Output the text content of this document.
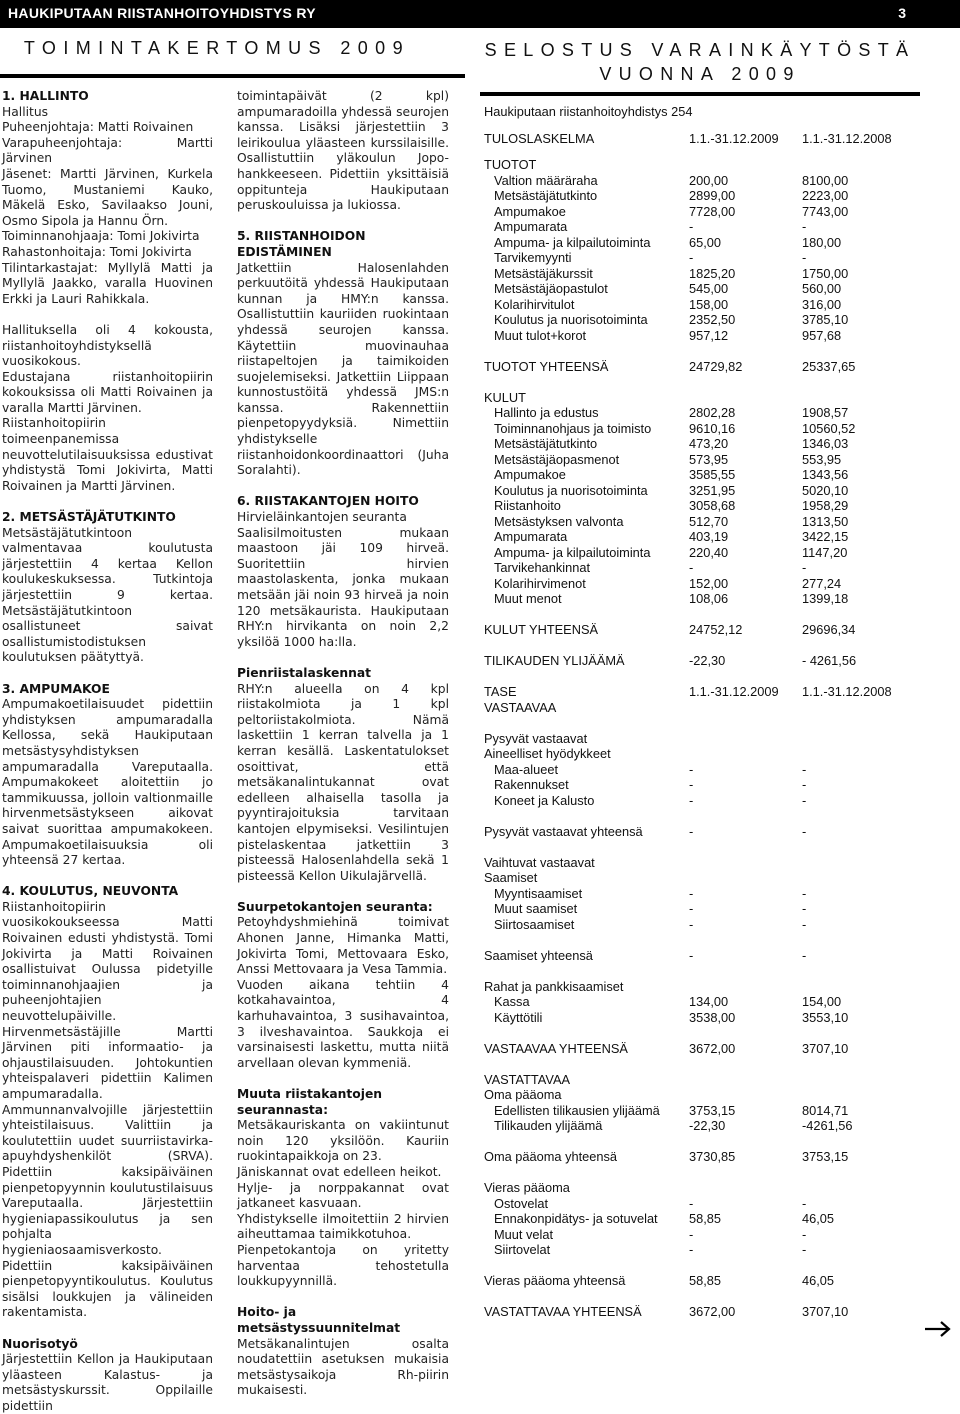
HAUKIPUTAAN RIISTANHOITOYHDISTYS RY	3
TOIMINTAKERTOMUS 2009
1. HALLINTO

Hallitus

Puheenjohtaja: Matti Roivainen

Varapuheenjohtaja: Martti Järvinen

Jäsenet: Martti Järvinen, Kurkela Tuomo, Mustaniemi Kauko, Mäkelä Esko, Savilaakso Jouni, Osmo Sipola ja Hannu Örn.

Toiminnanohjaaja: Tomi Jokivirta

Rahastonhoitaja: Tomi Jokivirta

Tilintarkastajat: Myllylä Matti ja Myllylä Jaakko, varalla Huovinen Erkki ja Lauri Rahikkala.

Hallituksella oli 4 kokousta, riistanhoitoyhdistyksellä vuosikokous.

Edustajana riistanhoitopiirin kokouksissa oli Matti Roivainen ja varalla Martti Järvinen.

Riistanhoitopiirin toimeenpanemissa neuvottelutilaisuuksissa edustivat yhdistystä Tomi Jokivirta, Matti Roivainen ja Martti Järvinen.

2. METSÄSTÄJÄTUTKINTO

Metsästäjätutkintoon valmentavaa koulutusta järjestettiin 4 kertaa Kellon koulukeskuksessa. Tutkintoja järjestettiin 9 kertaa. Metsästäjätutkintoon osallistuneet saivat osallistumistodistuksen koulutuksen päätyttyä.

3. AMPUMAKOE

Ampumakoetilaisuudet pidettiin yhdistyksen ampumaradalla Kellossa, sekä Haukiputaan metsästysyhdistyksen ampumaradalla Vareputaalla. Ampumakokeet aloitettiin jo tammikuussa, jolloin valtionmaille hirvenmetsästykseen aikovat saivat suorittaa ampumakokeen. Ampumakoetilaisuuksia oli yhteensä 27 kertaa.

4. KOULUTUS, NEUVONTA

Riistanhoitopiirin vuosikokoukseessa Matti Roivainen edusti yhdistystä. Tomi Jokivirta ja Matti Roivainen osallistuivat Oulussa pidetyille toiminnanohjaajien ja puheenjohtajien neuvottelupäiville. Hirvenmetsästäjille Martti Järvinen piti informaatio- ja ohjaustilaisuuden. Johtokuntien yhteispalaveri pidettiin Kalimen ampumaradalla. Ammunnanvalvojille järjestettiin yhteistilaisuus. Valittiin ja koulutettiin uudet suurriistavirka-apuyhdyshenkilöt (SRVA). Pidettiin kaksipäiväinen pienpetopyynnin koulutustilaisuus Vareputaalla. Järjestettiin hygieniapassikoulutus ja sen pohjalta hygieniaosaamisverkosto. Pidettiin kaksipäiväinen pienpetopyyntikoulutus. Koulutus sisälsi loukkujen ja välineiden rakentamista.

Nuorisotyö

Järjestettiin Kellon ja Haukiputaan yläasteen Kalastus- ja metsästyskurssit. Oppilaille pidettiin

toimintapäivät (2 kpl) ampumaradoilla yhdessä seurojen kanssa. Lisäksi järjestettiin 3 leirikoulua yläasteen kurssilaisille. Osallistuttiin yläkoulun Jopo-hankkeeseen. Pidettiin yksittäisiä oppitunteja Haukiputaan peruskouluissa ja lukiossa.

5. RIISTANHOIDON EDISTÄMINEN

Jatkettiin Halosenlahden perkuutöitä yhdessä Haukiputaan kunnan ja HMY:n kanssa. Osallistuttiin kauriiden ruokintaan yhdessä seurojen kanssa. Käytettiin muovinauhaa riistapeltojen ja taimikoiden suojelemiseksi. Jatkettiin Liippaan kunnostustöitä yhdessä JMS:n kanssa. Rakennettiin pienpetopyydyksiä. Nimettiin yhdistykselle riistanhoidonkoordinaattori (Juha Soralahti).

6. RIISTAKANTOJEN HOITO

Hirvieläinkantojen seuranta

Saalisilmoitusten mukaan maastoon jäi 109 hirveä. Suoritettiin hirvien maastolaskenta, jonka mukaan metsään jäi noin 93 hirveä ja noin 120 metsäkaurista. Haukiputaan RHY:n hirvikanta on noin 2,2 yksilöä 1000 ha:lla.

Pienriistalaskennat

RHY:n alueella on 4 kpl riistakolmiota ja 1 kpl peltoriistakolmiota. Nämä laskettiin 1 kerran talvella ja 1 kerran kesällä. Laskentatulokset osoittivat, että metsäkanalintukannat ovat edelleen alhaisella tasolla ja pyyntirajoituksia tarvitaan kantojen elpymiseksi. Vesilintujen pistelaskentaa jatkettiin 3 pisteessä Halosenlahdella sekä 1 pisteessä Kellon Uikulajärvellä.

Suurpetokantojen seuranta:

Petoyhdyshmiehinä toimivat Ahonen Janne, Himanka Matti, Jokivirta Tomi, Mettovaara Esko, Anssi Mettovaara ja Vesa Tammia.

Vuoden aikana tehtiin 4 kotkahavaintoa, 4 karhuhavaintoa, 3 susihavaintoa, 3 ilveshavaintoa. Saukkoja ei varsinaisesti laskettu, mutta niitä arvellaan olevan kymmeniä.

Muuta riistakantojen seurannasta:

Metsäkauriskanta on vakiintunut noin 120 yksilöön. Kauriin ruokintapaikkoja on 23.

Jäniskannat ovat edelleen heikot.

Hylje- ja norppakannat ovat jatkaneet kasvuaan.

Yhdistykselle ilmoitettiin 2 hirvien aiheuttamaa taimikkotuhoa.

Pienpetokantoja on yritetty harventaa tehostetulla loukkupyynnillä.

Hoito- ja metsästyssuunnitelmat

Metsäkanalintujen osalta noudatettiin asetuksen mukaisia metsästysaikoja Rh-piirin mukaisesti.

SELOSTUS VARAINKÄYTÖSTÄ
VUONNA 2009
Haukiputaan riistanhoitoyhdistys 254
TULOSLASKELMA	1.1.-31.12.2009 1.1.-31.12.2008
TUOTOT
Valtion määräraha	200,00	8100,00
Metsästäjätutkinto	2899,00	2223,00
Ampumakoe	7728,00	7743,00
Ampumarata	-	-
Ampuma- ja kilpailutoiminta	65,00	180,00
Tarvikemyynti	-	-
Metsästäjäkurssit	1825,20	1750,00
Metsästäjäopastulot	545,00	560,00
Kolarihirvitulot	158,00	316,00
Koulutus ja nuorisotoiminta	2352,50	3785,10
Muut tulot+korot	957,12	957,68
TUOTOT YHTEENSÄ	24729,82	25337,65
KULUT
Hallinto ja edustus	2802,28	1908,57
Toiminnanohjaus ja toimisto	9610,16	10560,52
Metsästäjätutkinto	473,20	1346,03
Metsästäjäopasmenot	573,95	553,95
Ampumakoe	3585,55	1343,56
Koulutus ja nuorisotoiminta	3251,95	5020,10
Riistanhoito	3058,68	1958,29
Metsästyksen valvonta	512,70	1313,50
Ampumarata	403,19	3422,15
Ampuma- ja kilpailutoiminta	220,40	1147,20
Tarvikehankinnat	-	-
Kolarihirvimenot	152,00	277,24
Muut menot	108,06	1399,18
KULUT YHTEENSÄ	24752,12	29696,34
TILIKAUDEN YLIJÄÄMÄ	-22,30	- 4261,56
TASE	1.1.-31.12.2009 1.1.-31.12.2008
VASTAAVAA
Pysyvät vastaavat
Aineelliset hyödykkeet
Maa-alueet	-	-
Rakennukset	-	-
Koneet ja Kalusto	-	-
Pysyvät vastaavat yhteensä	-	-
Vaihtuvat vastaavat
Saamiset
Myyntisaamiset	-	-
Muut saamiset	-	-
Siirtosaamiset	-	-
Saamiset yhteensä	-	-
Rahat ja pankkisaamiset
Kassa	134,00	154,00
Käyttötili	3538,00	3553,10
VASTAAVAA YHTEENSÄ	3672,00	3707,10
VASTATTAVAA
Oma pääoma
Edellisten tilikausien ylijäämä 3753,15	8014,71
Tilikauden ylijäämä	-22,30	-4261,56
Oma pääoma yhteensä	3730,85	3753,15
Vieras pääoma
Ostovelat	-	-
Ennakonpidätys- ja sotuvelat 58,85	46,05
Muut velat	-	-
Siirtovelat	-	-
Vieras pääoma yhteensä	58,85	46,05
VASTATTAVAA YHTEENSÄ	3672,00	3707,10
